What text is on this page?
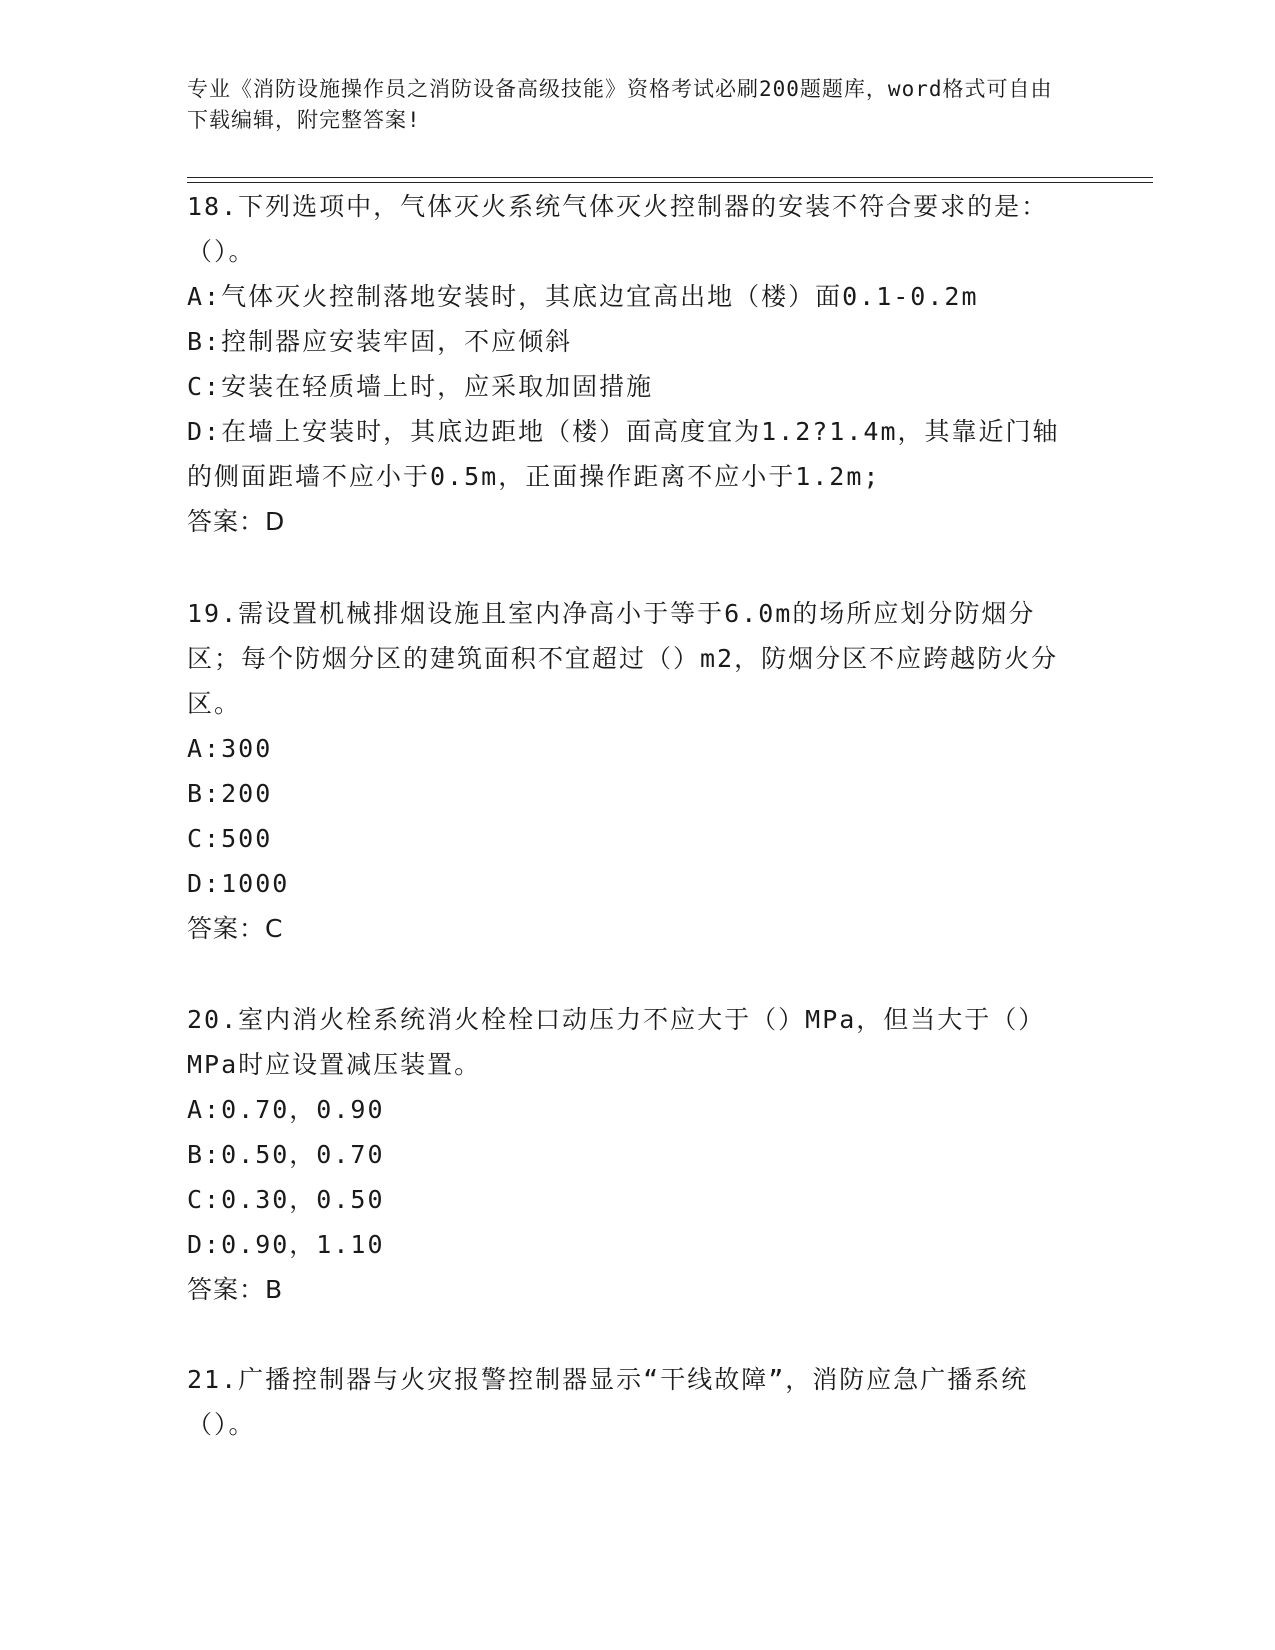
专业《消防设施操作员之消防设备高级技能》资格考试必刷200题题库，word格式可自由下载编辑，附完整答案!
18.下列选项中，气体灭火系统气体灭火控制器的安装不符合要求的是：（）。
A:气体灭火控制落地安装时，其底边宜高出地（楼）面0.1-0.2m
B:控制器应安装牢固，不应倾斜
C:安装在轻质墙上时，应采取加固措施
D:在墙上安装时，其底边距地（楼）面高度宜为1.2?1.4m，其靠近门轴的侧面距墙不应小于0.5m，正面操作距离不应小于1.2m;
答案：D
19.需设置机械排烟设施且室内净高小于等于6.0m的场所应划分防烟分区；每个防烟分区的建筑面积不宜超过（）m2，防烟分区不应跨越防火分区。
A:300
B:200
C:500
D:1000
答案：C
20.室内消火栓系统消火栓栓口动压力不应大于（）MPa，但当大于（）MPa时应设置减压装置。
A:0.70，0.90
B:0.50，0.70
C:0.30，0.50
D:0.90，1.10
答案：B
21.广播控制器与火灾报警控制器显示“干线故障”，消防应急广播系统（）。
